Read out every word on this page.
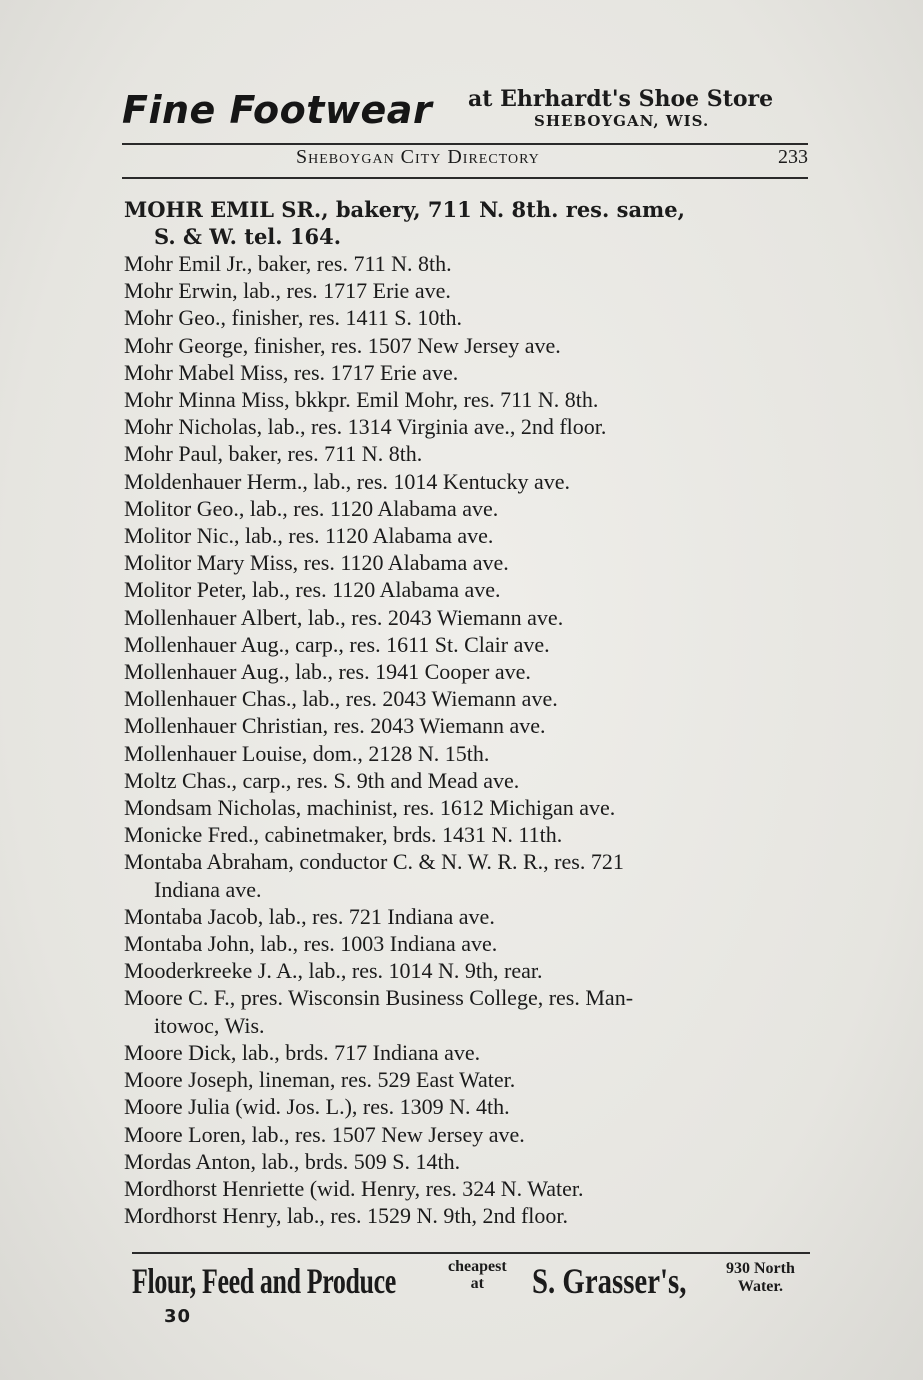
Fine Footwear at Ehrhardt's Shoe Store
SHEBOYGAN, WIS.
Sheboygan City Directory	233
MOHR EMIL SR., bakery, 711 N. 8th. res. same,
S. & W. tel. 164.
Mohr Emil Jr., baker, res. 711 N. 8th.
Mohr Erwin, lab., res. 1717 Erie ave.
Mohr Geo., finisher, res. 1411 S. 10th.
Mohr George, finisher, res. 1507 New Jersey ave.
Mohr Mabel Miss, res. 1717 Erie ave.
Mohr Minna Miss, bkkpr. Emil Mohr, res. 711 N. 8th.
Mohr Nicholas, lab., res. 1314 Virginia ave., 2nd floor.
Mohr Paul, baker, res. 711 N. 8th.
Moldenhauer Herm., lab., res. 1014 Kentucky ave.
Molitor Geo., lab., res. 1120 Alabama ave.
Molitor Nic., lab., res. 1120 Alabama ave.
Molitor Mary Miss, res. 1120 Alabama ave.
Molitor Peter, lab., res. 1120 Alabama ave.
Mollenhauer Albert, lab., res. 2043 Wiemann ave.
Mollenhauer Aug., carp., res. 1611 St. Clair ave.
Mollenhauer Aug., lab., res. 1941 Cooper ave.
Mollenhauer Chas., lab., res. 2043 Wiemann ave.
Mollenhauer Christian, res. 2043 Wiemann ave.
Mollenhauer Louise, dom., 2128 N. 15th.
Moltz Chas., carp., res. S. 9th and Mead ave.
Mondsam Nicholas, machinist, res. 1612 Michigan ave.
Monicke Fred., cabinetmaker, brds. 1431 N. 11th.
Montaba Abraham, conductor C. & N. W. R. R., res. 721
Indiana ave.
Montaba Jacob, lab., res. 721 Indiana ave.
Montaba John, lab., res. 1003 Indiana ave.
Mooderkreeke J. A., lab., res. 1014 N. 9th, rear.
Moore C. F., pres. Wisconsin Business College, res. Man-
itowoc, Wis.
Moore Dick, lab., brds. 717 Indiana ave.
Moore Joseph, lineman, res. 529 East Water.
Moore Julia (wid. Jos. L.), res. 1309 N. 4th.
Moore Loren, lab., res. 1507 New Jersey ave.
Mordas Anton, lab., brds. 509 S. 14th.
Mordhorst Henriette (wid. Henry, res. 324 N. Water.
Mordhorst Henry, lab., res. 1529 N. 9th, 2nd floor.
Flour, Feed and Produce	cheapest
at	S. Grasser's, 930 North
Water.
30
